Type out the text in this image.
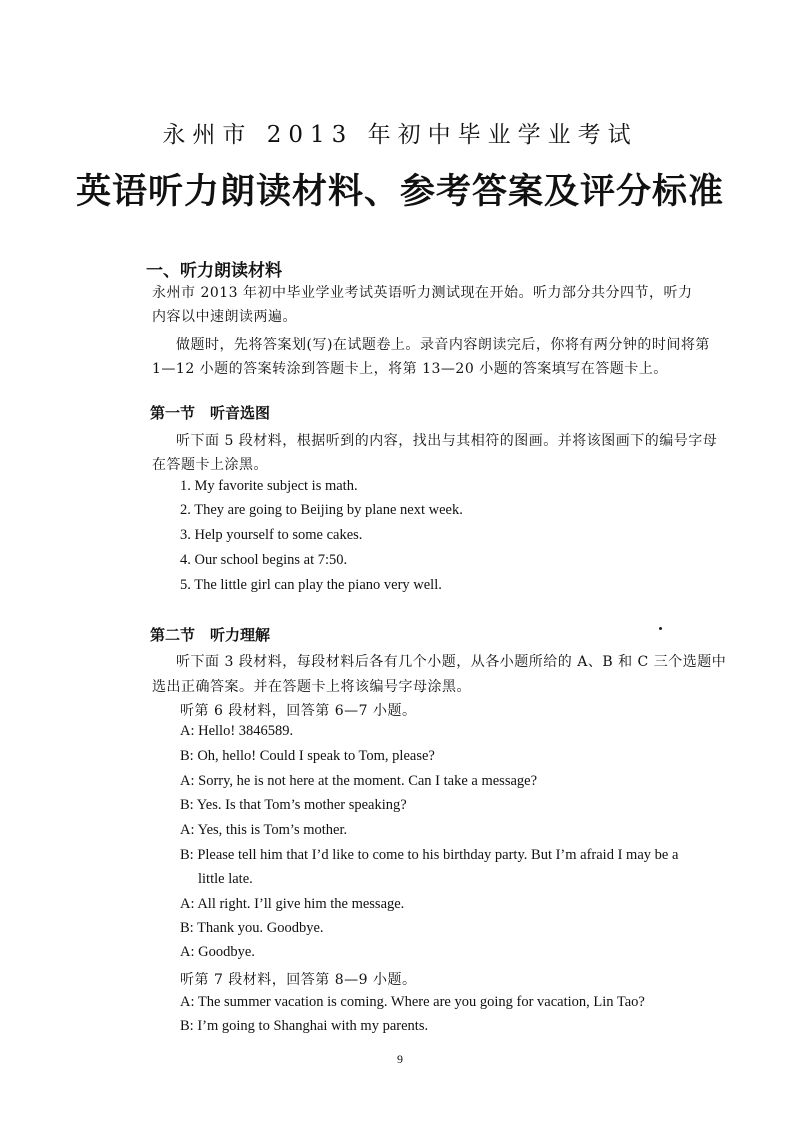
永州市 2013 年初中毕业学业考试
英语听力朗读材料、参考答案及评分标准
一、听力朗读材料
永州市 2013 年初中毕业学业考试英语听力测试现在开始。听力部分共分四节，听力
内容以中速朗读两遍。
做题时，先将答案划(写)在试题卷上。录音内容朗读完后，你将有两分钟的时间将第
1—12 小题的答案转涂到答题卡上，将第 13—20 小题的答案填写在答题卡上。
第一节　听音选图
听下面 5 段材料，根据听到的内容，找出与其相符的图画。并将该图画下的编号字母
在答题卡上涂黑。
1. My favorite subject is math.
2. They are going to Beijing by plane next week.
3. Help yourself to some cakes.
4. Our school begins at 7:50.
5. The little girl can play the piano very well.
第二节　听力理解
听下面 3 段材料，每段材料后各有几个小题，从各小题所给的 A、B 和 C 三个选题中
选出正确答案。并在答题卡上将该编号字母涂黑。
听第 6 段材料，回答第 6—7 小题。
A: Hello! 3846589.
B: Oh, hello! Could I speak to Tom, please?
A: Sorry, he is not here at the moment. Can I take a message?
B: Yes. Is that Tom’s mother speaking?
A: Yes, this is Tom’s mother.
B: Please tell him that I’d like to come to his birthday party. But I’m afraid I may be a
little late.
A: All right. I’ll give him the message.
B: Thank you. Goodbye.
A: Goodbye.
听第 7 段材料，回答第 8—9 小题。
A: The summer vacation is coming. Where are you going for vacation, Lin Tao?
B: I’m going to Shanghai with my parents.
9
